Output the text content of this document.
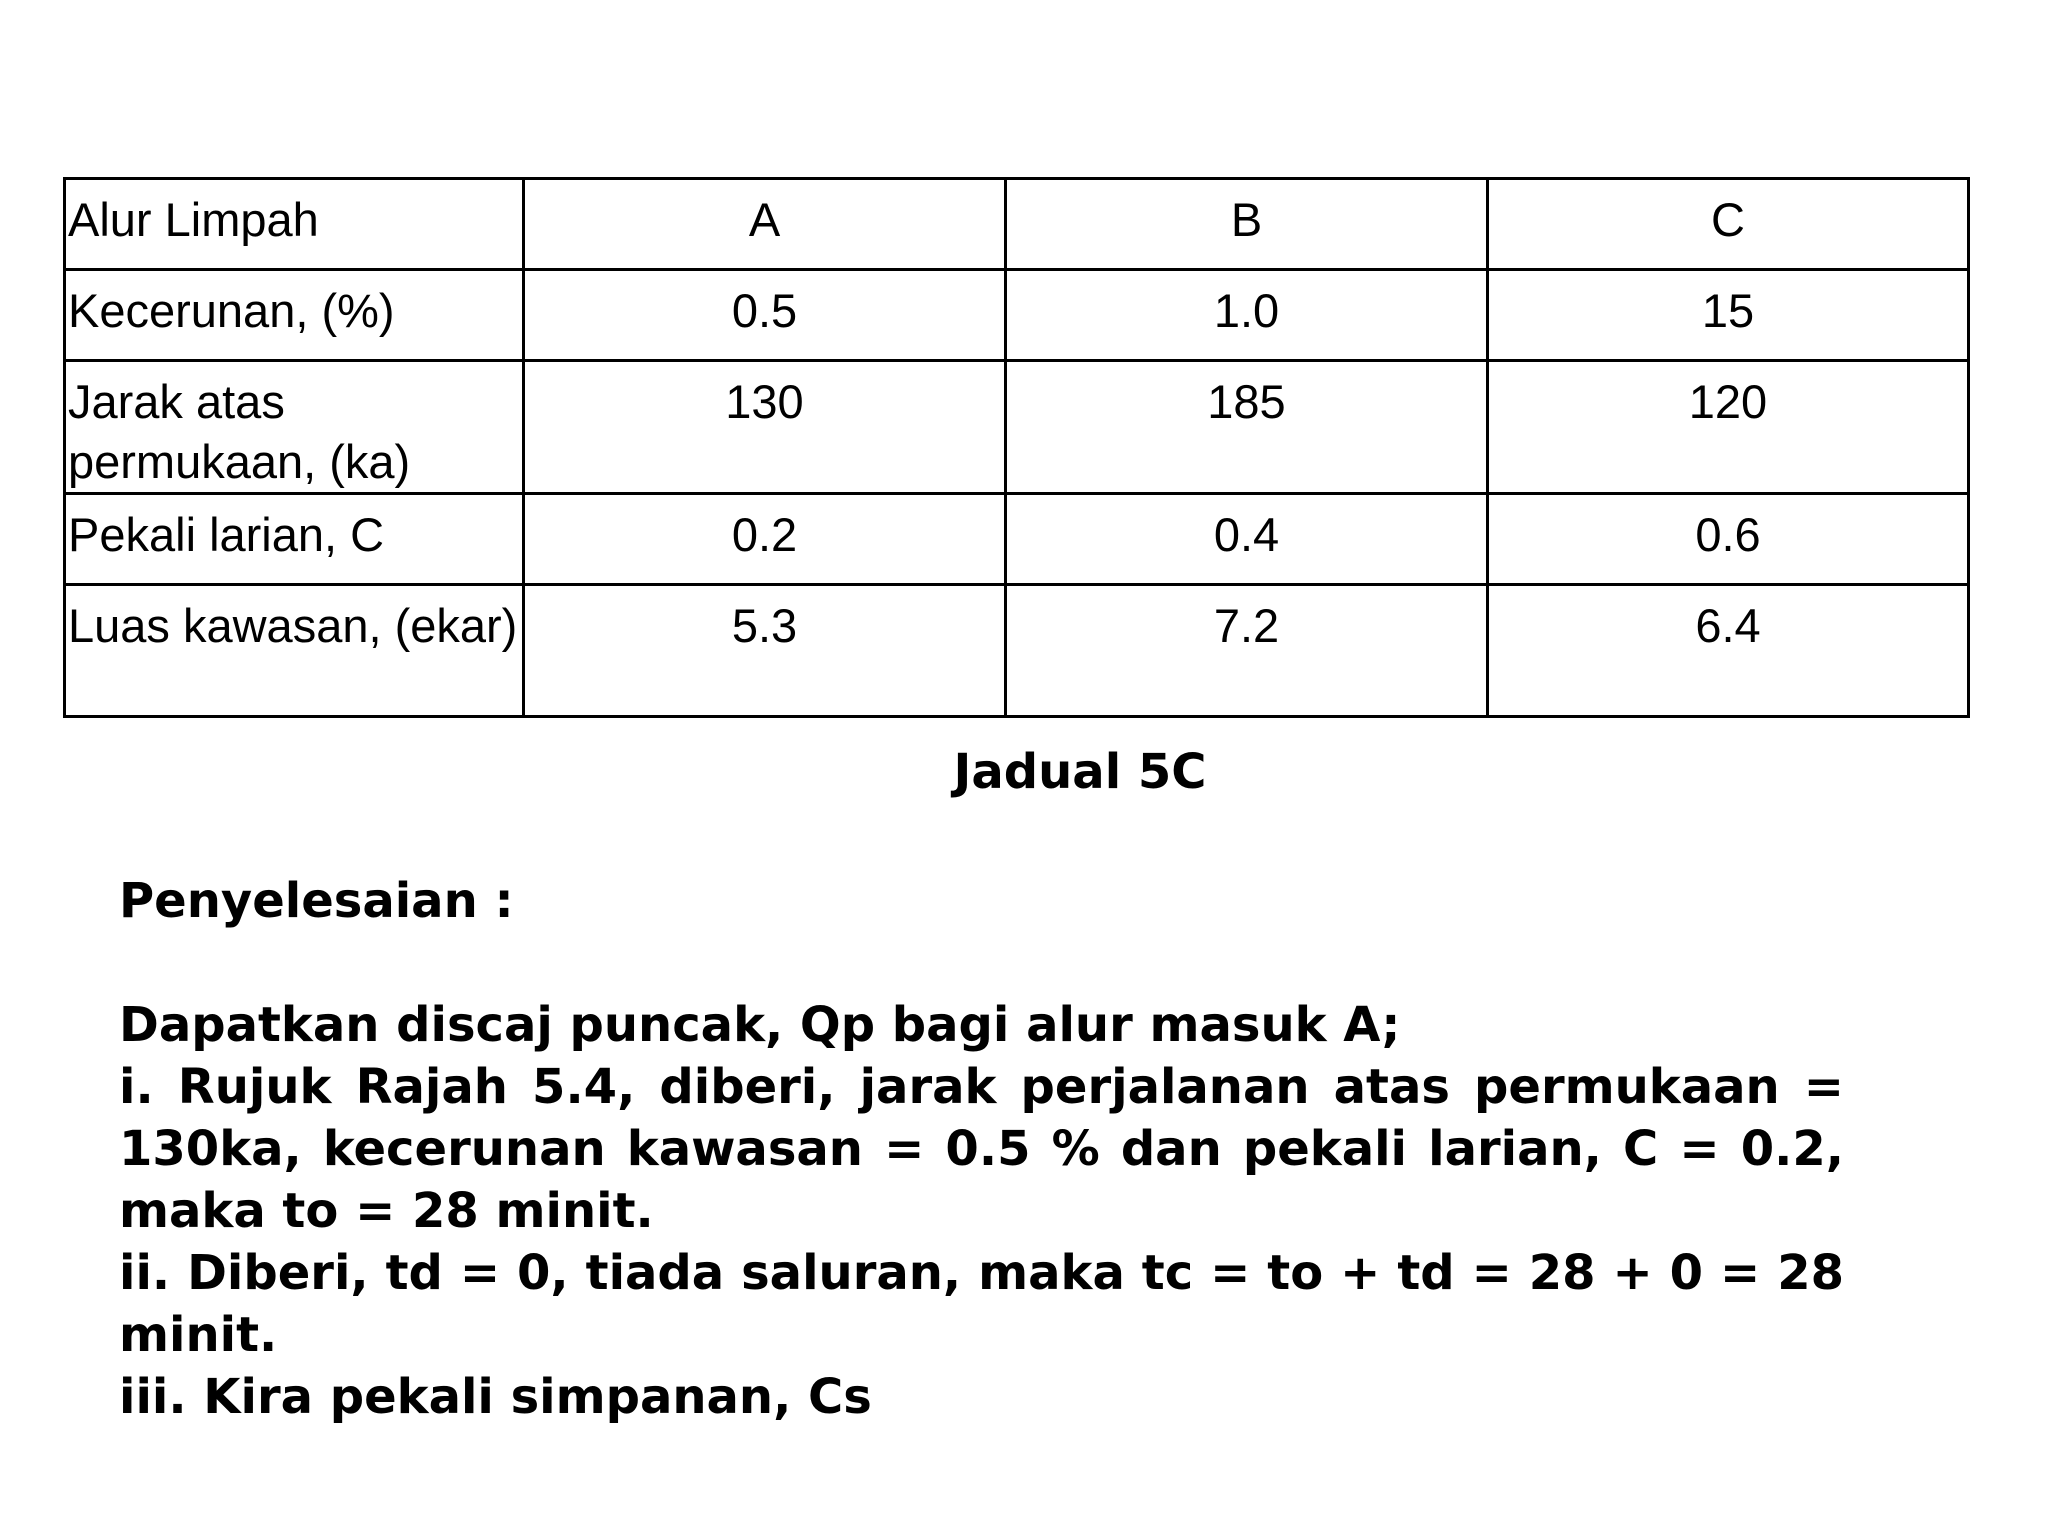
Alur Limpah	A	B	C
Kecerunan, (%)	0.5	1.0	15
Jarak atas permukaan, (ka)	130	185	120
Pekali larian, C	0.2	0.4	0.6
Luas kawasan, (ekar)	5.3	7.2	6.4
Jadual 5C

Penyelesaian :

Dapatkan discaj puncak, Qp bagi alur masuk A;

i. Rujuk Rajah 5.4, diberi, jarak perjalanan atas permukaan = 130ka, kecerunan kawasan = 0.5 % dan pekali larian, C = 0.2, maka to = 28 minit.

ii. Diberi, td = 0, tiada saluran, maka tc = to + td = 28 + 0 = 28 minit.

iii. Kira pekali simpanan, Cs
